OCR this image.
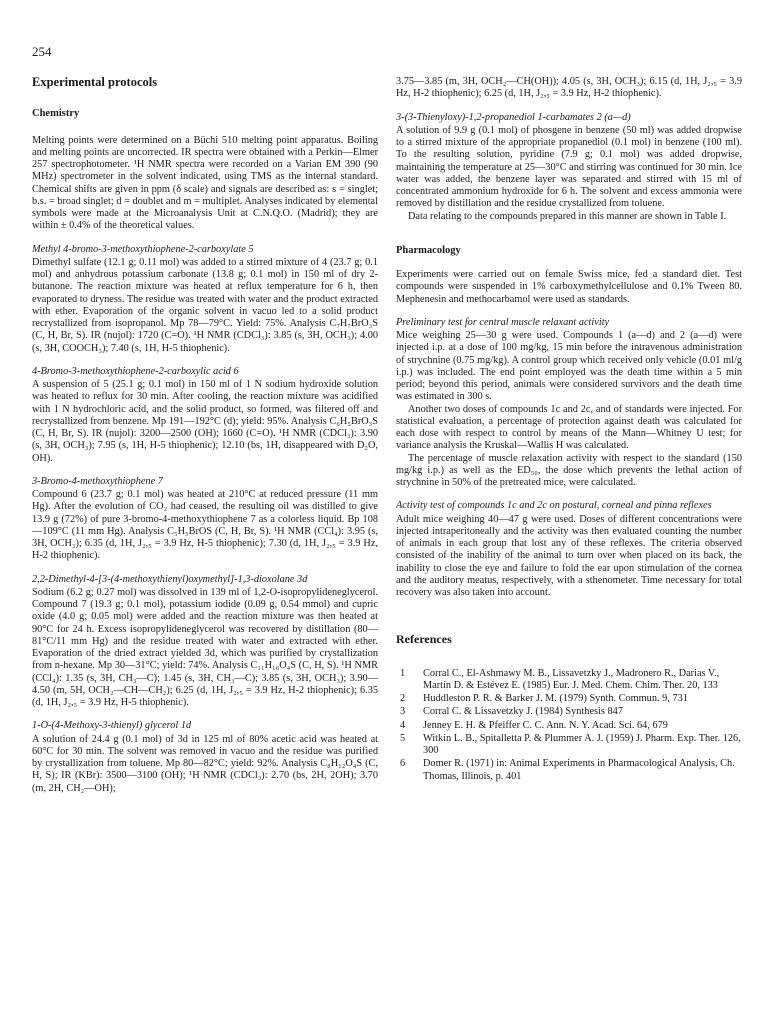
254
Experimental protocols
Chemistry

Melting points were determined on a Büchi 510 melting point apparatus. Boiling and melting points are uncorrected. IR spectra were obtained with a Perkin—Elmer 257 spectrophotometer. ¹H NMR spectra were recorded on a Varian EM 390 (90 MHz) spectrometer in the solvent indicated, using TMS as the internal standard. Chemical shifts are given in ppm (δ scale) and signals are described as: s = singlet; b.s. = broad singlet; d = doublet and m = multiplet. Analyses indicated by elemental symbols were made at the Microanalysis Unit at C.N.Q.O. (Madrid); they are within ± 0.4% of the theoretical values.

Methyl 4-bromo-3-methoxythiophene-2-carboxylate 5

Dimethyl sulfate (12.1 g; 0.11 mol) was added to a stirred mixture of 4 (23.7 g; 0.1 mol) and anhydrous potassium carbonate (13.8 g; 0.1 mol) in 150 ml of dry 2-butanone. The reaction mixture was heated at reflux temperature for 6 h, then evaporated to dryness. The residue was treated with water and the product extracted with ether. Evaporation of the organic solvent in vacuo led to a solid product recrystallized from isopropanol. Mp 78—79°C. Yield: 75%. Analysis C₇H₇BrO₃S (C, H, Br, S). IR (nujol): 1720 (C=O). ¹H NMR (CDCl₃): 3.85 (s, 3H, OCH₃); 4.00 (s, 3H, COOCH₃); 7.40 (s, 1H, H-5 thiophenic).

4-Bromo-3-methoxythiophene-2-carboxylic acid 6

A suspension of 5 (25.1 g; 0.1 mol) in 150 ml of 1 N sodium hydroxide solution was heated to reflux for 30 min. After cooling, the reaction mixture was acidified with 1 N hydrochloric acid, and the solid product, so formed, was filtered off and recrystallized from benzene. Mp 191—192°C (d); yield: 95%. Analysis C₆H₅BrO₃S (C, H, Br, S). IR (nujol): 3200—2500 (OH); 1660 (C=O). ¹H NMR (CDCl₃): 3.90 (s, 3H, OCH₃); 7.95 (s, 1H, H-5 thiophenic); 12.10 (bs, 1H, disappeared with D₂O, OH).

3-Bromo-4-methoxythiophene 7

Compound 6 (23.7 g; 0.1 mol) was heated at 210°C at reduced pressure (11 mm Hg). After the evolution of CO₂ had ceased, the resulting oil was distilled to give 13.9 g (72%) of pure 3-bromo-4-methoxythiophene 7 as a colorless liquid. Bp 108—109°C (11 mm Hg). Analysis C₅H₅BrOS (C, H, Br, S). ¹H NMR (CCl₄): 3.95 (s, 3H, OCH₃); 6.35 (d, 1H, J₂,₅ = 3.9 Hz, H-5 thiophenic); 7.30 (d, 1H, J₂,₅ = 3.9 Hz, H-2 thiophenic).

2,2-Dimethyl-4-[3-(4-methoxythienyl)oxymethyl]-1,3-dioxolane 3d

Sodium (6.2 g; 0.27 mol) was dissolved in 139 ml of 1,2-O-isopropylideneglycerol. Compound 7 (19.3 g; 0.1 mol), potassium iodide (0.09 g, 0.54 mmol) and cupric oxide (4.0 g; 0.05 mol) were added and the reaction mixture was then heated at 90°C for 24 h. Excess isopropylideneglycerol was recovered by distillation (80—81°C/11 mm Hg) and the residue treated with water and extracted with ether. Evaporation of the dried extract yielded 3d, which was purified by crystallization from n-hexane. Mp 30—31°C; yield: 74%. Analysis C₁₁H₁₆O₄S (C, H, S). ¹H NMR (CCl₄): 1.35 (s, 3H, CH₃—C); 1.45 (s, 3H, CH₃—C); 3.85 (s, 3H, OCH₃); 3.90—4.50 (m, 5H, OCH₂—CH—CH₂); 6.25 (d, 1H, J₂,₅ = 3.9 Hz, H-2 thiophenic); 6.35 (d, 1H, J₂,₅ = 3.9 Hz, H-5 thiophenic).

1-O-(4-Methoxy-3-thienyl) glycerol 1d

A solution of 24.4 g (0.1 mol) of 3d in 125 ml of 80% acetic acid was heated at 60°C for 30 min. The solvent was removed in vacuo and the residue was purified by crystallization from toluene. Mp 80—82°C; yield: 92%. Analysis C₈H₁₂O₄S (C, H, S); IR (KBr): 3500—3100 (OH); ¹H NMR (CDCl₃): 2.70 (bs, 2H, 2OH); 3.70 (m, 2H, CH₂—OH);

3.75—3.85 (m, 3H, OCH₂—CH(OH)); 4.05 (s, 3H, OCH₃); 6.15 (d, 1H, J₂,₅ = 3.9 Hz, H-2 thiophenic); 6.25 (d, 1H, J₂,₅ = 3.9 Hz, H-2 thiophenic).

3-(3-Thienyloxy)-1,2-propanediol 1-carbamates 2 (a—d)

A solution of 9.9 g (0.1 mol) of phosgene in benzene (50 ml) was added dropwise to a stirred mixture of the appropriate propanediol (0.1 mol) in benzene (100 ml). To the resulting solution, pyridine (7.9 g; 0.1 mol) was added dropwise, maintaining the temperature at 25—30°C and stirring was continued for 30 min. Ice water was added, the benzene layer was separated and stirred with 15 ml of concentrated ammonium hydroxide for 6 h. The solvent and excess ammonia were removed by distillation and the residue crystallized from toluene.

Data relating to the compounds prepared in this manner are shown in Table I.

Pharmacology

Experiments were carried out on female Swiss mice, fed a standard diet. Test compounds were suspended in 1% carboxymethylcellulose and 0.1% Tween 80. Mephenesin and methocarbamol were used as standards.

Preliminary test for central muscle relaxant activity

Mice weighing 25—30 g were used. Compounds 1 (a—d) and 2 (a—d) were injected i.p. at a dose of 100 mg/kg, 15 min before the intravenous administration of strychnine (0.75 mg/kg). A control group which received only vehicle (0.01 ml/g i.p.) was included. The end point employed was the death time within a 5 min period; beyond this period, animals were considered survivors and the death time was estimated in 300 s.

Another two doses of compounds 1c and 2c, and of standards were injected. For statistical evaluation, a percentage of protection against death was calculated for each dose with respect to control by means of the Mann—Whitney U test; for variance analysis the Kruskal—Wallis H was calculated.

The percentage of muscle relaxation activity with respect to the standard (150 mg/kg i.p.) as well as the ED₅₀, the dose which prevents the lethal action of strychnine in 50% of the pretreated mice, were calculated.

Activity test of compounds 1c and 2c on postural, corneal and pinna reflexes

Adult mice weighing 40—47 g were used. Doses of different concentrations were injected intraperitoneally and the activity was then evaluated counting the number of animals in each group that lost any of these reflexes. The criteria observed consisted of the inability of the animal to turn over when placed on its back, the inability to close the eye and failure to fold the ear upon stimulation of the cornea and the auditory meatus, respectively, with a sthenometer. Time necessary for total recovery was also taken into account.

References
1	Corral C., El-Ashmawy M. B., Lissavetzky J., Madronero R., Darias V., Martín D. & Estévez E. (1985) Eur. J. Med. Chem. Chim. Ther. 20, 133
2	Huddleston P. R. & Barker J. M. (1979) Synth. Commun. 9, 731
3	Corral C. & Lissavetzky J. (1984) Synthesis 847
4	Jenney E. H. & Pfeiffer C. C. Ann. N. Y. Acad. Sci. 64, 679
5	Witkin L. B., Spitalletta P. & Plummer A. J. (1959) J. Pharm. Exp. Ther. 126, 300
6	Domer R. (1971) in: Animal Experiments in Pharmacological Analysis, Ch. Thomas, Illinois, p. 401
